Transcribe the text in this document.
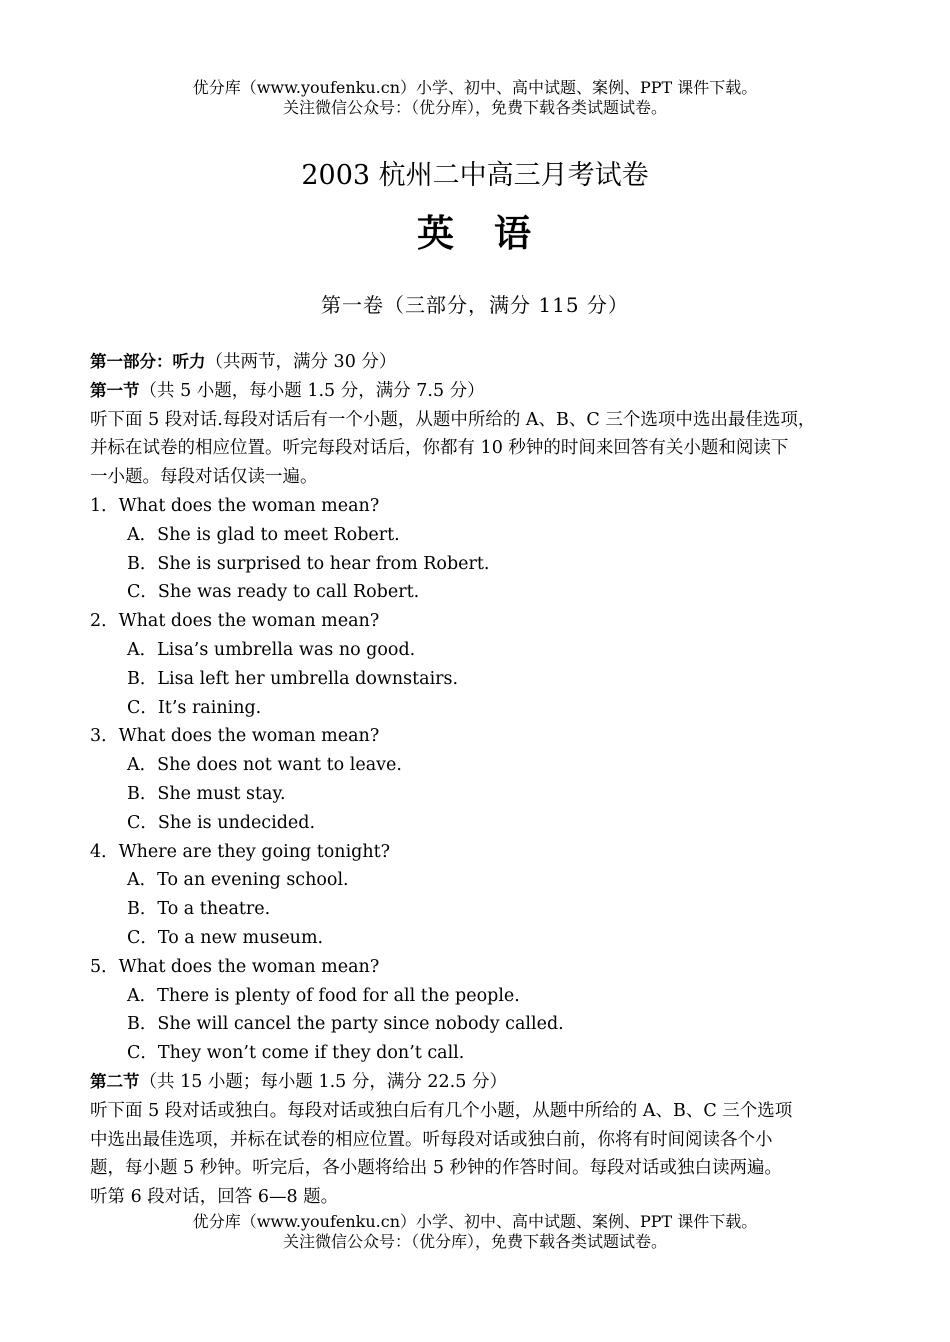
优分库（www.youfenku.cn）小学、初中、高中试题、案例、PPT 课件下载。
关注微信公众号：（优分库），免费下载各类试题试卷。
2003 杭州二中高三月考试卷
英 语
第一卷（三部分，满分 115 分）
第一部分：听力（共两节，满分 30 分）
第一节（共 5 小题，每小题 1.5 分，满分 7.5 分）
听下面 5 段对话.每段对话后有一个小题，从题中所给的 A、B、C 三个选项中选出最佳选项，
并标在试卷的相应位置。听完每段对话后，你都有 10 秒钟的时间来回答有关小题和阅读下
一小题。每段对话仅读一遍。
1．What does the woman mean?
A．She is glad to meet Robert.
B．She is surprised to hear from Robert.
C．She was ready to call Robert.
2．What does the woman mean?
A．Lisa’s umbrella was no good.
B．Lisa left her umbrella downstairs.
C．It’s raining.
3．What does the woman mean?
A．She does not want to leave.
B．She must stay.
C．She is undecided.
4．Where are they going tonight?
A．To an evening school.
B．To a theatre.
C．To a new museum.
5．What does the woman mean?
A．There is plenty of food for all the people.
B．She will cancel the party since nobody called.
C．They won’t come if they don’t call.
第二节（共 15 小题；每小题 1.5 分，满分 22.5 分）
听下面 5 段对话或独白。每段对话或独白后有几个小题，从题中所给的 A、B、C 三个选项
中选出最佳选项，并标在试卷的相应位置。听每段对话或独白前，你将有时间阅读各个小
题，每小题 5 秒钟。听完后，各小题将给出 5 秒钟的作答时间。每段对话或独白读两遍。
听第 6 段对话，回答 6—8 题。
优分库（www.youfenku.cn）小学、初中、高中试题、案例、PPT 课件下载。
关注微信公众号：（优分库），免费下载各类试题试卷。
